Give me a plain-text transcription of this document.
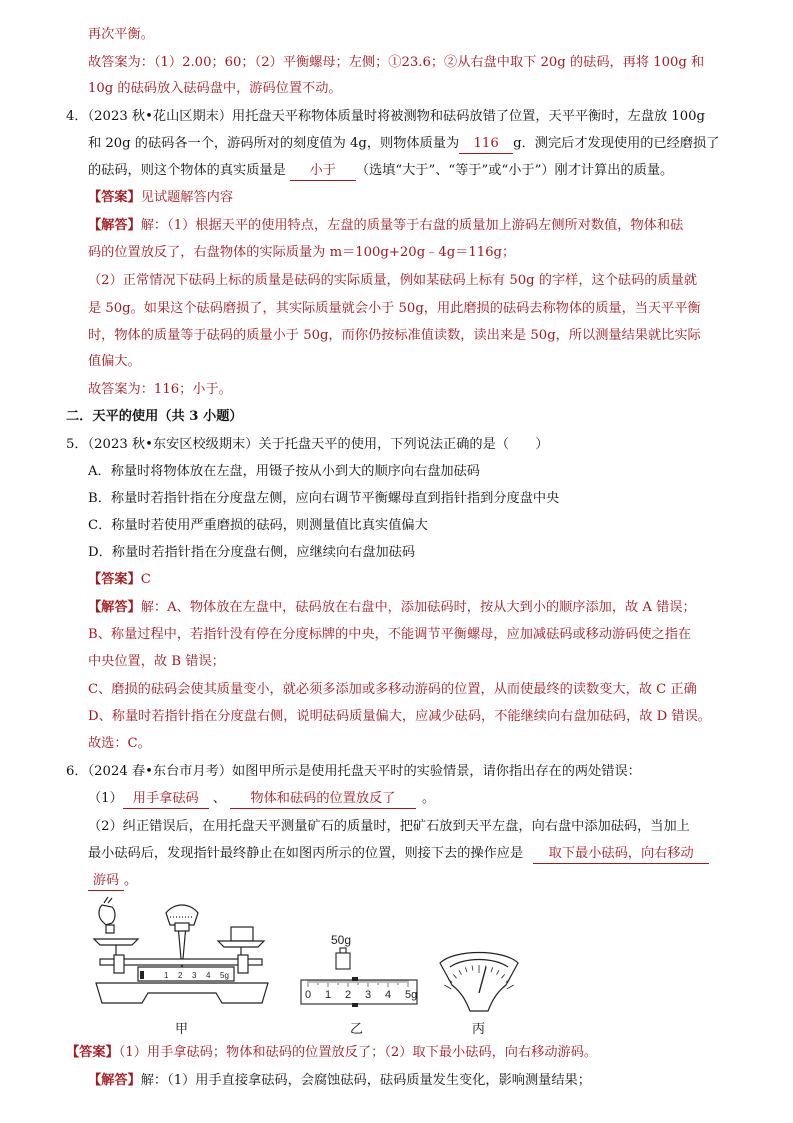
再次平衡。
故答案为：（1）2.00；60；（2）平衡螺母；左侧；①23.6；②从右盘中取下 20g 的砝码，再将 100g 和
10g 的砝码放入砝码盘中，游码位置不动。
4．（2023 秋•花山区期末）用托盘天平称物体质量时将被测物和砝码放错了位置，天平平衡时，左盘放 100g
和 20g 的砝码各一个，游码所对的刻度值为 4g，则物体质量为 116 g．测完后才发现使用的已经磨损了
的砝码，则这个物体的真实质量是 小于 （选填“大于”、“等于”或“小于”）刚才计算出的质量。
【答案】见试题解答内容
【解答】解：（1）根据天平的使用特点，左盘的质量等于右盘的质量加上游码左侧所对数值，物体和砝
码的位置放反了，右盘物体的实际质量为 m＝100g+20g﹣4g＝116g；
（2）正常情况下砝码上标的质量是砝码的实际质量，例如某砝码上标有 50g 的字样，这个砝码的质量就
是 50g。如果这个砝码磨损了，其实际质量就会小于 50g，用此磨损的砝码去称物体的质量，当天平平衡
时，物体的质量等于砝码的质量小于 50g，而你仍按标准值读数，读出来是 50g，所以测量结果就比实际
值偏大。
故答案为：116；小于。
二．天平的使用（共 3 小题）
5．（2023 秋•东安区校级期末）关于托盘天平的使用，下列说法正确的是（　　）
A．称量时将物体放在左盘，用镊子按从小到大的顺序向右盘加砝码
B．称量时若指针指在分度盘左侧，应向右调节平衡螺母直到指针指到分度盘中央
C．称量时若使用严重磨损的砝码，则测量值比真实值偏大
D．称量时若指针指在分度盘右侧，应继续向右盘加砝码
【答案】C
【解答】解：A、物体放在左盘中，砝码放在右盘中，添加砝码时，按从大到小的顺序添加，故 A 错误；
B、称量过程中，若指针没有停在分度标牌的中央，不能调节平衡螺母，应加减砝码或移动游码使之指在
中央位置，故 B 错误；
C、磨损的砝码会使其质量变小，就必须多添加或多移动游码的位置，从而使最终的读数变大，故 C 正确
D、称量时若指针指在分度盘右侧，说明砝码质量偏大，应减少砝码，不能继续向右盘加砝码，故 D 错误。
故选：C。
6．（2024 春•东台市月考）如图甲所示是使用托盘天平时的实验情景，请你指出存在的两处错误：
（1） 用手拿砝码 、 物体和砝码的位置放反了 。
（2）纠正错误后，在用托盘天平测量矿石的质量时，把矿石放到天平左盘，向右盘中添加砝码，当加上
最小砝码后，发现指针最终静止在如图丙所示的位置，则接下去的操作应是 取下最小砝码，向右移动
游码 。
1 2 3 4 5g
甲
50g
0 1 2 3 4 5g
乙	丙
【答案】（1）用手拿砝码；物体和砝码的位置放反了；（2）取下最小砝码，向右移动游码。
【解答】解：（1）用手直接拿砝码，会腐蚀砝码，砝码质量发生变化，影响测量结果；
